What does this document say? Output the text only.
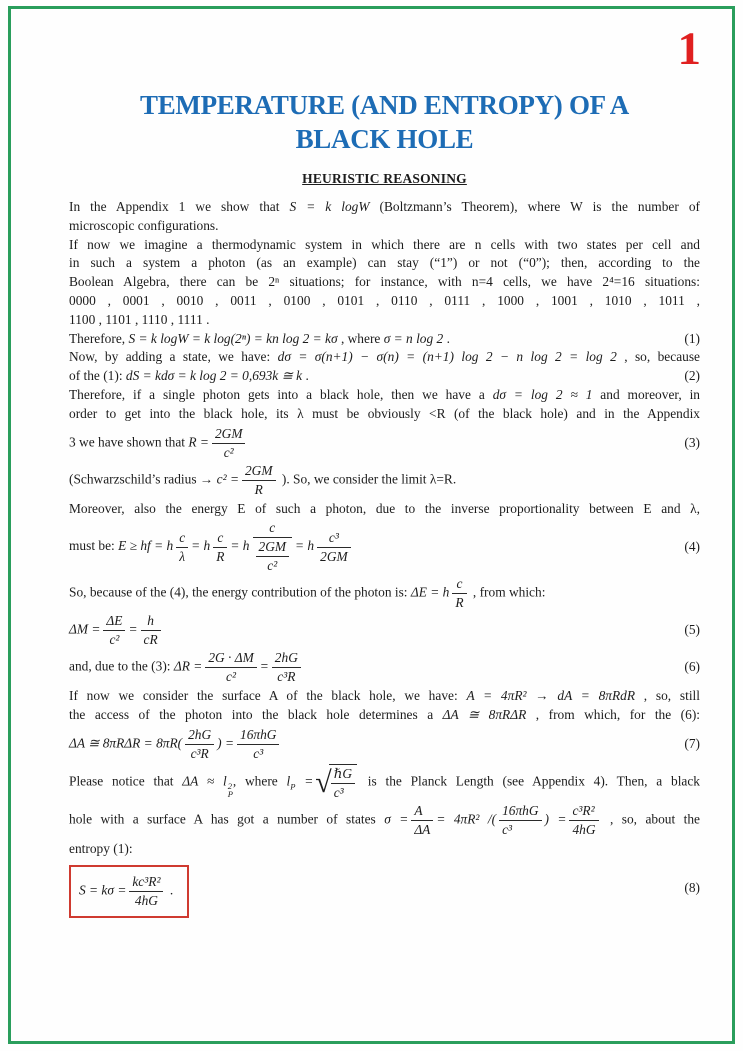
1
TEMPERATURE (AND ENTROPY) OF A
BLACK HOLE
HEURISTIC REASONING
In the Appendix 1 we show that S = k logW (Boltzmann’s Theorem), where W is the number of
microscopic configurations.
If now we imagine a thermodynamic system in which there are n cells with two states per cell and
in such a system a photon (as an example) can stay (“1”) or not (“0”); then, according to the
Boolean Algebra, there can be 2ⁿ situations; for instance, with n=4 cells, we have 2⁴=16 situations:
0000 , 0001 , 0010 , 0011 , 0100 , 0101 , 0110 , 0111 , 1000 , 1001 , 1010 , 1011 ,
1100 , 1101 , 1110 , 1111 .
Therefore, S = k logW = k log(2ⁿ) = kn log 2 = kσ , where σ = n log 2 .	(1)
Now, by adding a state, we have: dσ = σ(n+1) − σ(n) = (n+1) log 2 − n log 2 = log 2 , so, because
of the (1): dS = kdσ = k log 2 = 0,693k ≅ k .	(2)
Therefore, if a single photon gets into a black hole, then we have a dσ = log 2 ≈ 1 and moreover, in
order to get into the black hole, its λ must be obviously <R (of the black hole) and in the Appendix
3 we have shown that $R = \frac{2GM}{\text{c²}}$	(3)
(Schwarzschild’s radius → $c^2 = \frac{2GM}{R}$ ). So, we consider the limit λ=R.
Moreover, also the energy E of such a photon, due to the inverse proportionality between E and λ,
must be: E ≥ hf = h $\frac{c}{\lambda} = h \frac{c}{R} = h \frac{c}{\frac{2GM}{\text{c²}}} = h \frac{\text{c³}}{2GM}$	(4)
So, because of the (4), the energy contribution of the photon is: ΔE = h $\frac{c}{R}$ , from which:
$\Delta M = \frac{\Delta E}{\text{c²}} = \frac{h}{cR}$	(5)
and, due to the (3): $\Delta R = \frac{2G \cdot \Delta M}{\text{c²}} = \frac{2hG}{\text{c³R}}$	(6)
If now we consider the surface A of the black hole, we have: A = 4πR² → dA = 8πRdR , so, still
the access of the photon into the black hole determines a ΔA ≅ 8πRΔR , from which, for the (6):
ΔA ≅ $8\pi R\Delta R = 8\pi R( \frac{2hG}{\text{c³R}}$ ) = $\frac{\text{16πhG}}{\text{c³}}$	(7)
Please notice that ΔA ≈ l 2
P
, where $l_P$ = √ $\frac{\text{ℏG}}{\text{c³}}$ is the Planck Length (see Appendix 4). Then, a black
hole with a surface A has got a number of states $\sigma = \frac{A}{\Delta A} = 4\pi R^2$ /( $\frac{\text{16πhG}}{\text{c³}}$ ) = $\frac{\text{c³R²}}{4hG}$ , so, about the
entropy (1):
$S = k\sigma = \frac{\text{kc³R²}}{4hG}$ .	(8)
